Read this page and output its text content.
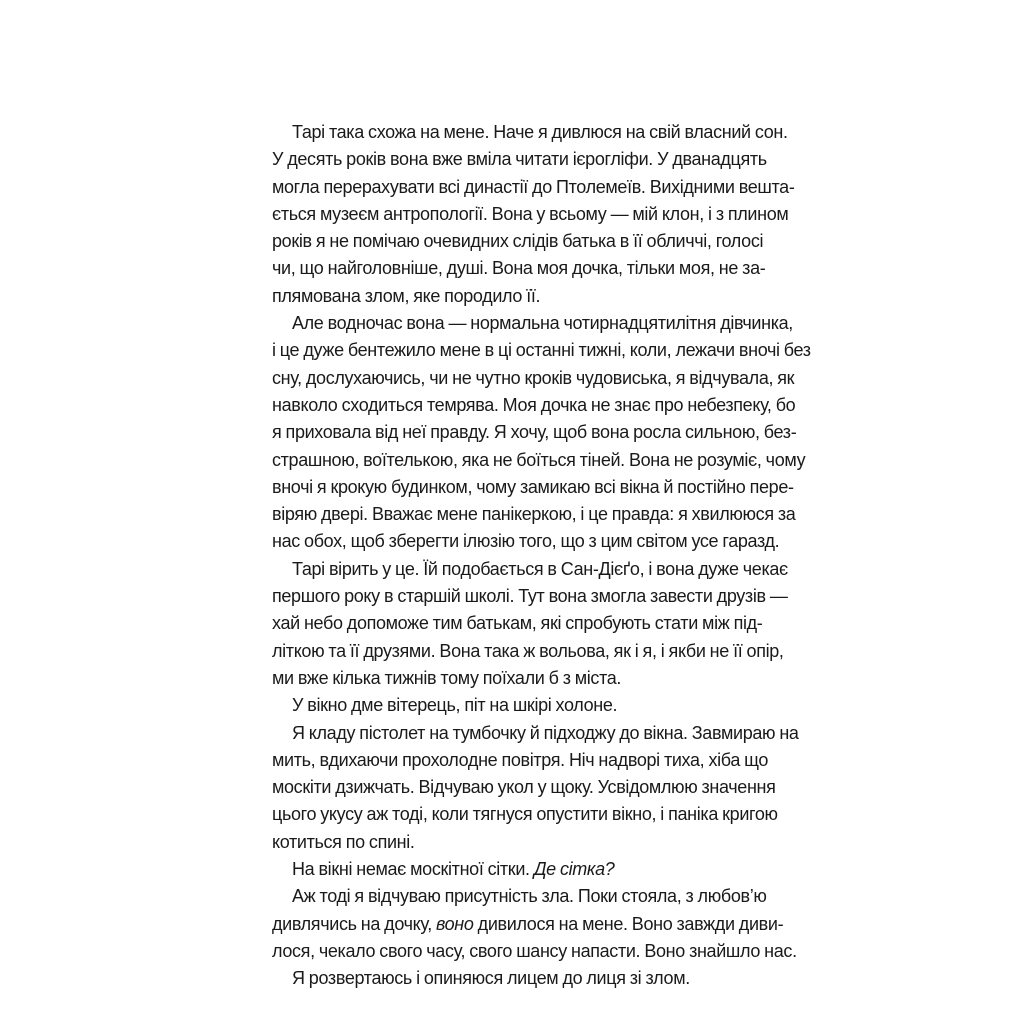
Тарі така схожа на мене. Наче я дивлюся на свій власний сон.
У десять років вона вже вміла читати ієрогліфи. У дванадцять
могла перерахувати всі династії до Птолемеїв. Вихідними вешта-
ється музеєм антропології. Вона у всьому — мій клон, і з плином
років я не помічаю очевидних слідів батька в її обличчі, голосі
чи, що найголовніше, душі. Вона моя дочка, тільки моя, не за-
плямована злом, яке породило її.
Але водночас вона — нормальна чотирнадцятилітня дівчинка,
і це дуже бентежило мене в ці останні тижні, коли, лежачи вночі без
сну, дослухаючись, чи не чутно кроків чудовиська, я відчувала, як
навколо сходиться темрява. Моя дочка не знає про небезпеку, бо
я приховала від неї правду. Я хочу, щоб вона росла сильною, без-
страшною, воїтелькою, яка не боїться тіней. Вона не розуміє, чому
вночі я крокую будинком, чому замикаю всі вікна й постійно пере-
віряю двері. Вважає мене панікеркою, і це правда: я хвилююся за
нас обох, щоб зберегти ілюзію того, що з цим світом усе гаразд.
Тарі вірить у це. Їй подобається в Сан-Дієґо, і вона дуже чекає
першого року в старшій школі. Тут вона змогла завести друзів —
хай небо допоможе тим батькам, які спробують стати між під-
літкою та її друзями. Вона така ж вольова, як і я, і якби не її опір,
ми вже кілька тижнів тому поїхали б з міста.
У вікно дме вітерець, піт на шкірі холоне.
Я кладу пістолет на тумбочку й підходжу до вікна. Завмираю на
мить, вдихаючи прохолодне повітря. Ніч надворі тиха, хіба що
москіти дзижчать. Відчуваю укол у щоку. Усвідомлюю значення
цього укусу аж тоді, коли тягнуся опустити вікно, і паніка кригою
котиться по спині.
На вікні немає москітної сітки. Де сітка?
Аж тоді я відчуваю присутність зла. Поки стояла, з любов’ю
дивлячись на дочку, воно дивилося на мене. Воно завжди диви-
лося, чекало свого часу, свого шансу напасти. Воно знайшло нас.
Я розвертаюсь і опиняюся лицем до лиця зі злом.
